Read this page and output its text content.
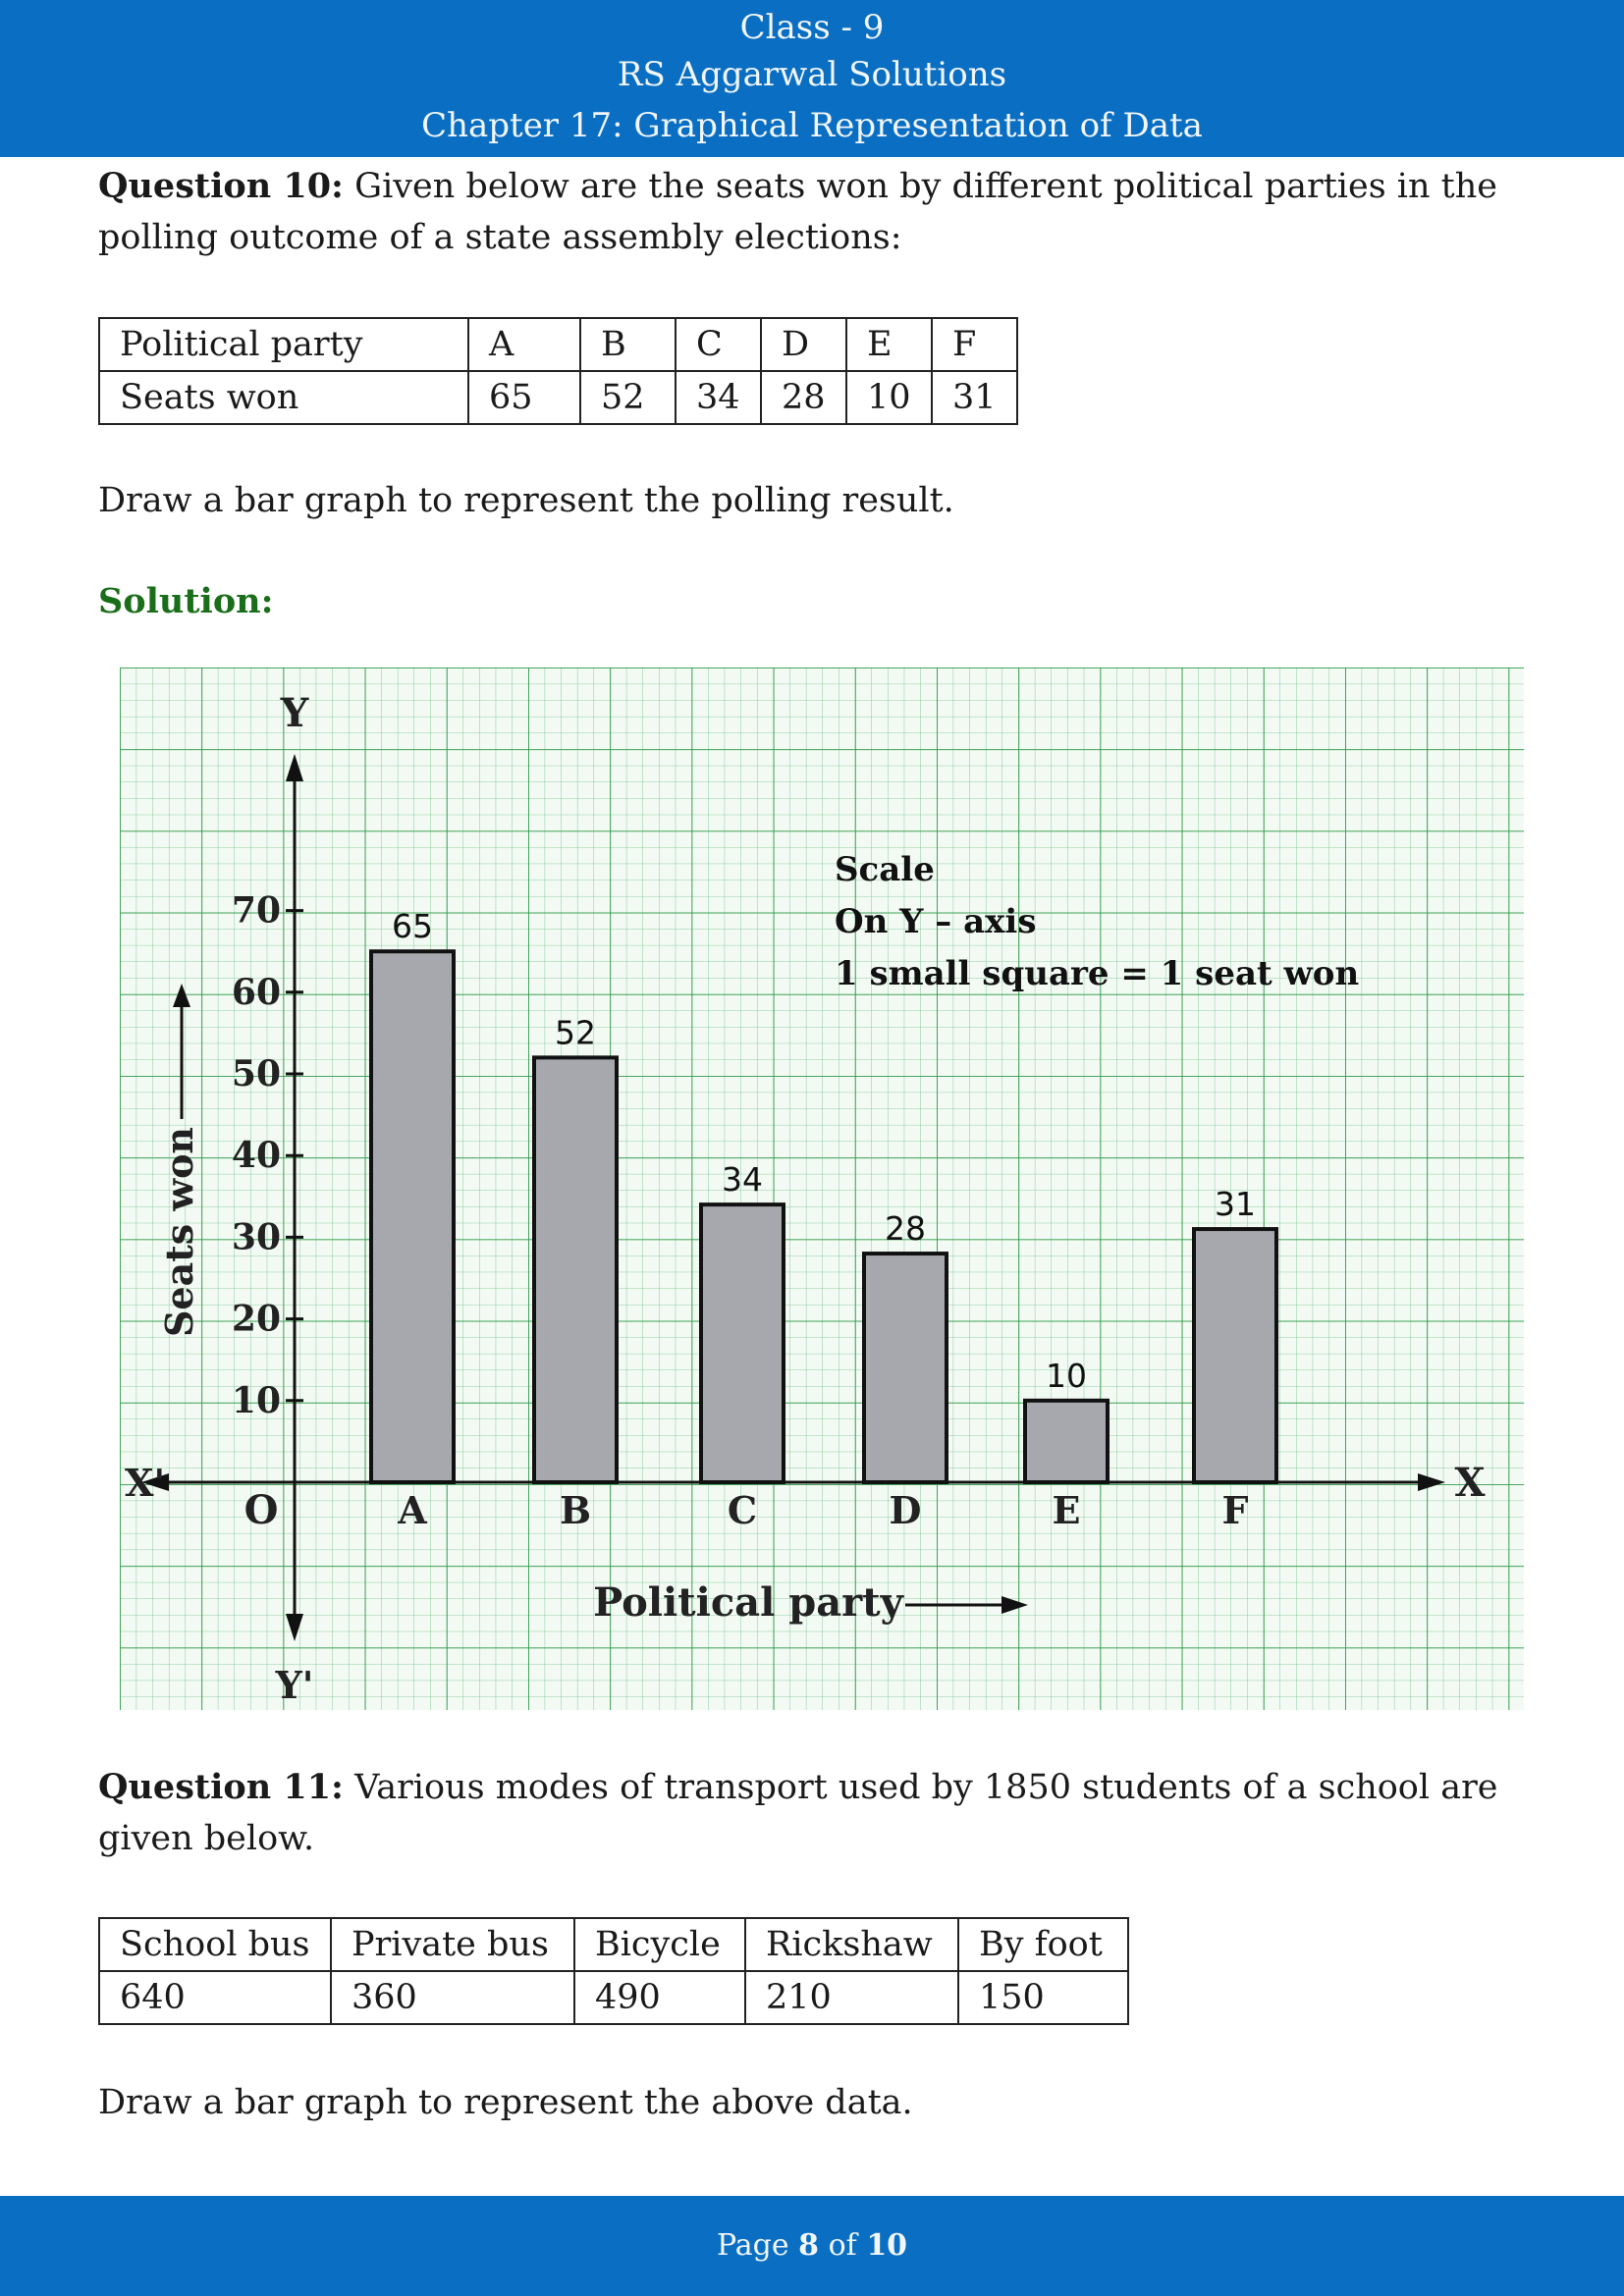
Class - 9
RS Aggarwal Solutions
Chapter 17: Graphical Representation of Data
Question 10: Given below are the seats won by different political parties in the polling outcome of a state assembly elections:
Political party	A	B	C	D	E	F
Seats won	65	52	34	28	10	31
Draw a bar graph to represent the polling result.
Solution:
Y
Y'
X
X'
O
10
20
30
40
50
60
70
Seats won
65
A
52
B
34
C
28
D
10
E
31
F
Political party
Scale
On Y – axis
1 small square = 1 seat won
Question 11: Various modes of transport used by 1850 students of a school are given below.
School bus	Private bus	Bicycle	Rickshaw	By foot
640	360	490	210	150
Draw a bar graph to represent the above data.
Page 8 of 10
